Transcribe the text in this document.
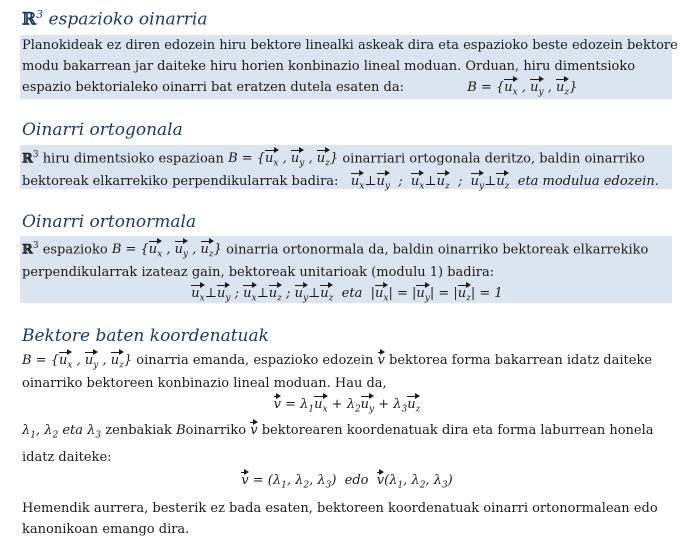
ℝ$^3$ espazioko oinarria
Planokideak ez diren edozein hiru bektore linealki askeak dira eta espazioko beste edozein bektore
modu bakarrean jar daiteke hiru horien konbinazio lineal moduan. Orduan, hiru dimentsioko
espazio bektorialeko oinarri bat eratzen dutela esaten da:	$B = \{u_x$ , $u_y$ , $u_z$}
Oinarri ortogonala
ℝ$^3$ hiru dimentsioko espazioan $B = \{u_x$ , $u_y$ , $u_z$} oinarriari ortogonala deritzo, baldin oinarriko
bektoreak elkarrekiko perpendikularrak badira: $u_x\perp u_y$  ;  $u_x\perp u_z$  ;  $u_y\perp u_z$ eta modulua edozein.
Oinarri ortonormala
ℝ$^3$ espazioko $B = \{u_x$ , $u_y$ , $u_z$} oinarria ortonormala da, baldin oinarriko bektoreak elkarrekiko
perpendikularrak izateaz gain, bektoreak unitarioak (modulu 1) badira:
$u_x\perp u_y$ ; $u_x\perp u_z$ ; $u_y\perp u_z$ eta  $|u_x| = |u_y| = |u_z| = 1$
Bektore baten koordenatuak
$B = \{u_x$ , $u_y$ , $u_z$} oinarria emanda, espazioko edozein v bektorea forma bakarrean idatz daiteke
oinarriko bektoreen konbinazio lineal moduan. Hau da,
$v = \lambda_1u_x + \lambda_2u_y + \lambda_3u_z$
$\lambda_1$, $\lambda_2$ eta $\lambda_3$ zenbakiak Boinarriko v bektorearen koordenatuak dira eta forma laburrean honela
idatz daiteke:
$v = (\lambda_1$, $\lambda_2$, $\lambda_3$)  edo  $v(\lambda_1$, $\lambda_2$, $\lambda_3$)
Hemendik aurrera, besterik ez bada esaten, bektoreen koordenatuak oinarri ortonormalean edo
kanonikoan emango dira.
